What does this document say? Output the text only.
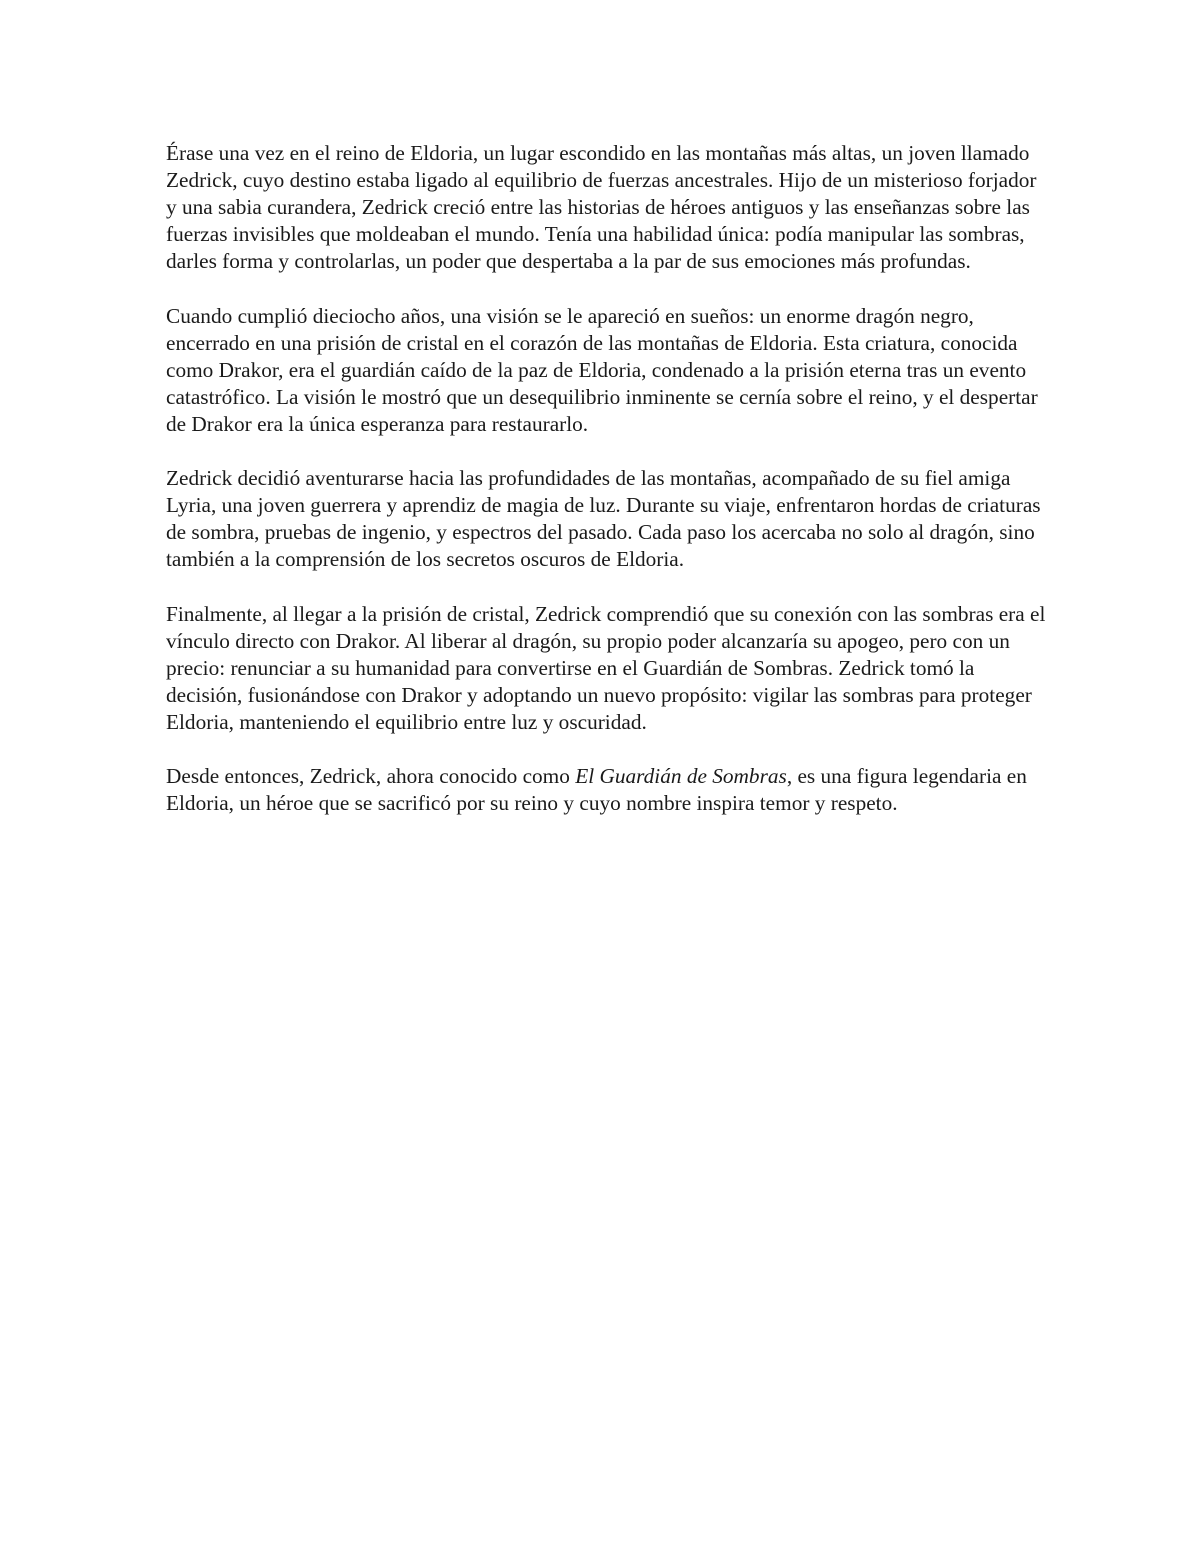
Érase una vez en el reino de Eldoria, un lugar escondido en las montañas más altas, un joven llamado Zedrick, cuyo destino estaba ligado al equilibrio de fuerzas ancestrales. Hijo de un misterioso forjador y una sabia curandera, Zedrick creció entre las historias de héroes antiguos y las enseñanzas sobre las fuerzas invisibles que moldeaban el mundo. Tenía una habilidad única: podía manipular las sombras, darles forma y controlarlas, un poder que despertaba a la par de sus emociones más profundas.

Cuando cumplió dieciocho años, una visión se le apareció en sueños: un enorme dragón negro, encerrado en una prisión de cristal en el corazón de las montañas de Eldoria. Esta criatura, conocida como Drakor, era el guardián caído de la paz de Eldoria, condenado a la prisión eterna tras un evento catastrófico. La visión le mostró que un desequilibrio inminente se cernía sobre el reino, y el despertar de Drakor era la única esperanza para restaurarlo.

Zedrick decidió aventurarse hacia las profundidades de las montañas, acompañado de su fiel amiga Lyria, una joven guerrera y aprendiz de magia de luz. Durante su viaje, enfrentaron hordas de criaturas de sombra, pruebas de ingenio, y espectros del pasado. Cada paso los acercaba no solo al dragón, sino también a la comprensión de los secretos oscuros de Eldoria.

Finalmente, al llegar a la prisión de cristal, Zedrick comprendió que su conexión con las sombras era el vínculo directo con Drakor. Al liberar al dragón, su propio poder alcanzaría su apogeo, pero con un precio: renunciar a su humanidad para convertirse en el Guardián de Sombras. Zedrick tomó la decisión, fusionándose con Drakor y adoptando un nuevo propósito: vigilar las sombras para proteger Eldoria, manteniendo el equilibrio entre luz y oscuridad.

Desde entonces, Zedrick, ahora conocido como El Guardián de Sombras, es una figura legendaria en Eldoria, un héroe que se sacrificó por su reino y cuyo nombre inspira temor y respeto.
